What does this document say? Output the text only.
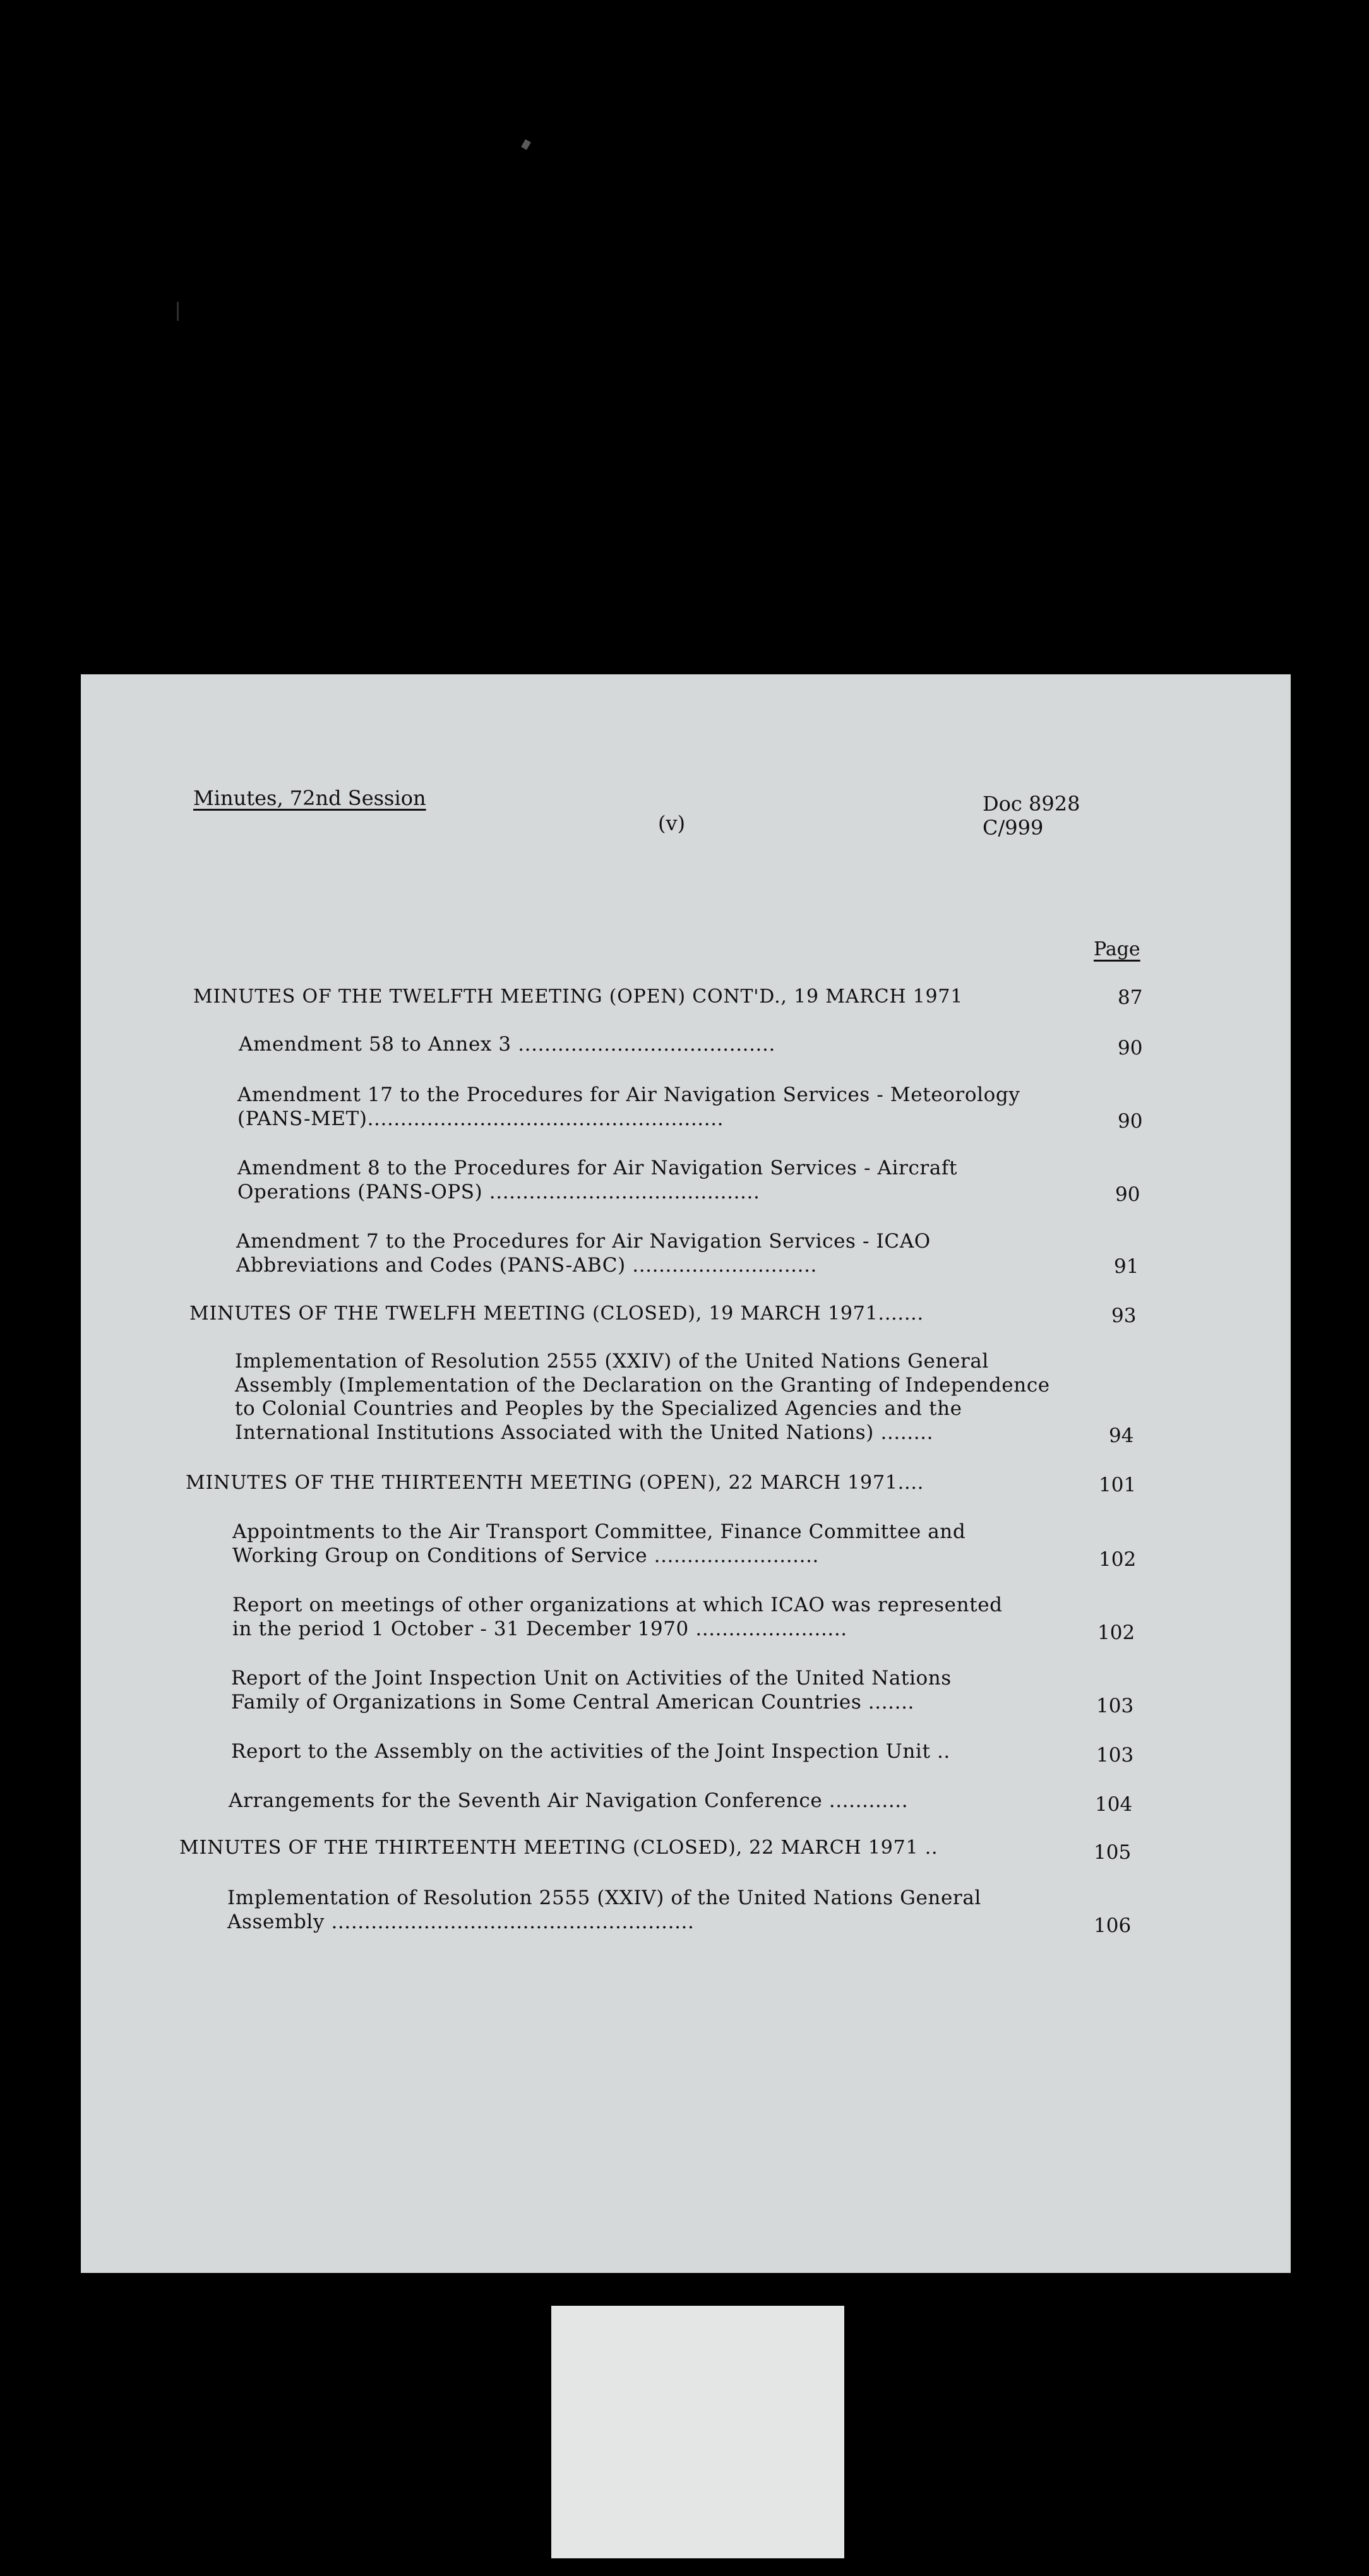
Minutes, 72nd Session
(v)
Doc 8928
C/999
Page
MINUTES OF THE TWELFTH MEETING (OPEN) CONT'D., 19 MARCH 1971	87
Amendment 58 to Annex 3 .......................................	90
Amendment 17 to the Procedures for Air Navigation Services - Meteorology
(PANS-MET)......................................................	90
Amendment 8 to the Procedures for Air Navigation Services - Aircraft
Operations (PANS-OPS) .........................................	90
Amendment 7 to the Procedures for Air Navigation Services - ICAO
Abbreviations and Codes (PANS-ABC) ............................	91
MINUTES OF THE TWELFH MEETING (CLOSED), 19 MARCH 1971.......	93
Implementation of Resolution 2555 (XXIV) of the United Nations General
Assembly (Implementation of the Declaration on the Granting of Independence
to Colonial Countries and Peoples by the Specialized Agencies and the
International Institutions Associated with the United Nations) ........	94
MINUTES OF THE THIRTEENTH MEETING (OPEN), 22 MARCH 1971....	101
Appointments to the Air Transport Committee, Finance Committee and
Working Group on Conditions of Service .........................	102
Report on meetings of other organizations at which ICAO was represented
in the period 1 October - 31 December 1970 .......................	102
Report of the Joint Inspection Unit on Activities of the United Nations
Family of Organizations in Some Central American Countries .......	103
Report to the Assembly on the activities of the Joint Inspection Unit ..	103
Arrangements for the Seventh Air Navigation Conference ............	104
MINUTES OF THE THIRTEENTH MEETING (CLOSED), 22 MARCH 1971 ..	105
Implementation of Resolution 2555 (XXIV) of the United Nations General
Assembly .......................................................	106
